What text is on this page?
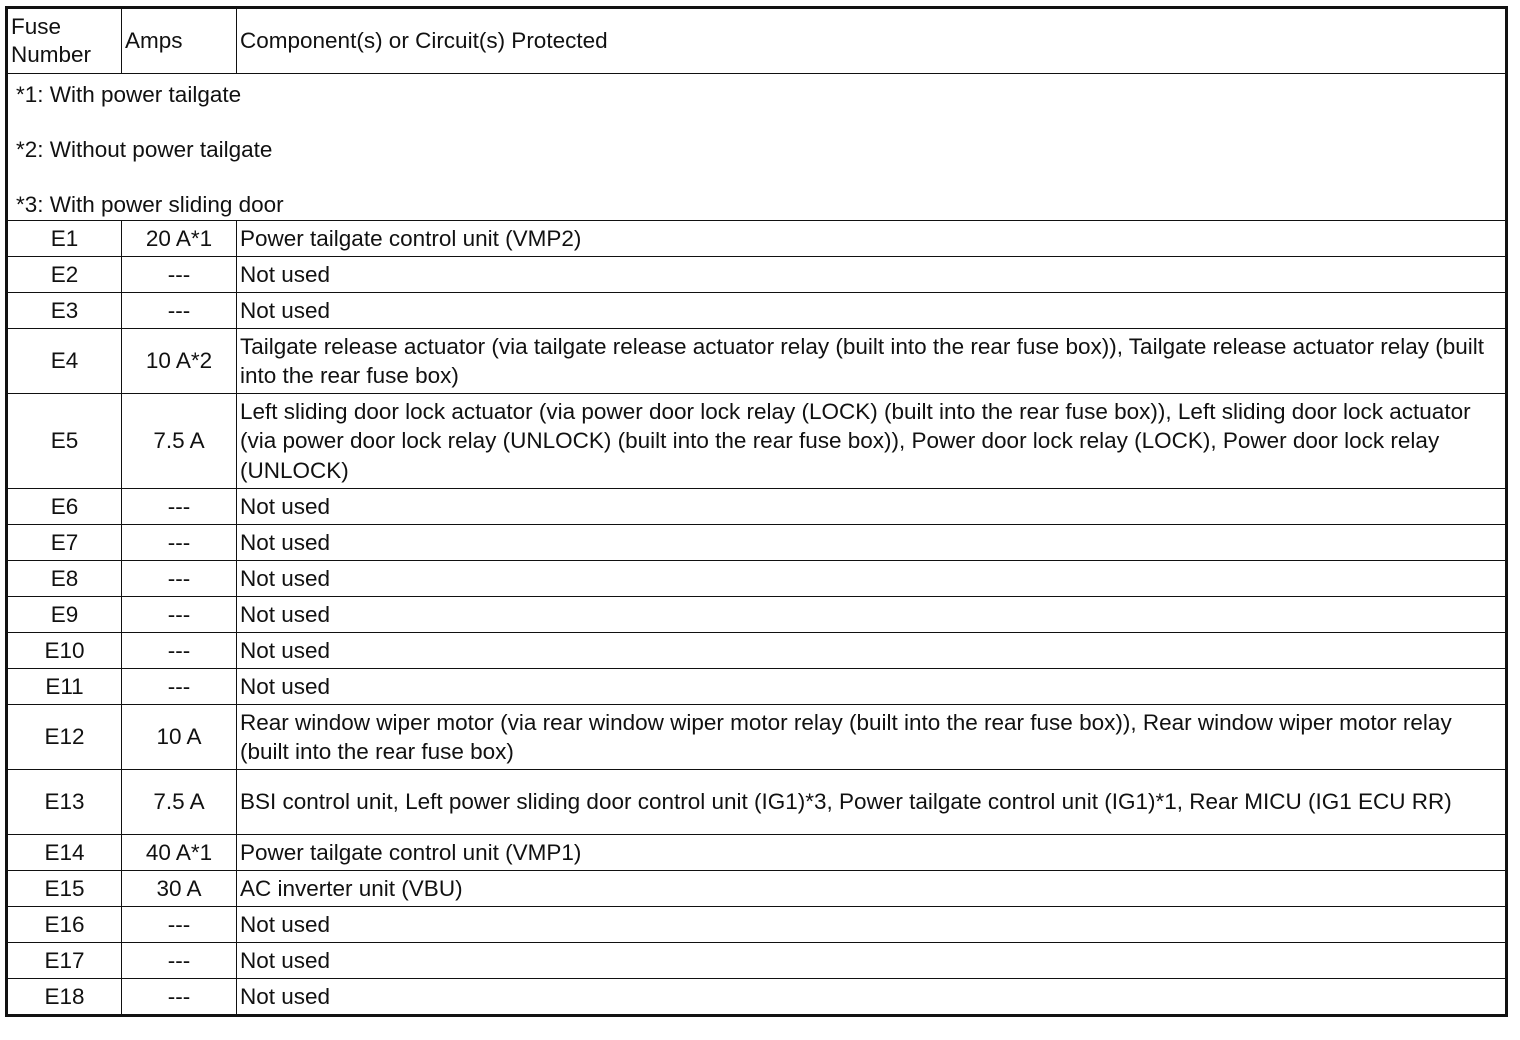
Fuse
Number	Amps	Component(s) or Circuit(s) Protected

*1: With power tailgate
*2: Without power tailgate
*3: With power sliding door		

E1	20 A*1	Power tailgate control unit (VMP2)
E2	---	Not used
E3	---	Not used
E4	10 A*2	Tailgate release actuator (via tailgate release actuator relay (built into the rear fuse box)), Tailgate release actuator relay (built into the rear fuse box)
E5	7.5 A	Left sliding door lock actuator (via power door lock relay (LOCK) (built into the rear fuse box)), Left sliding door lock actuator (via power door lock relay (UNLOCK) (built into the rear fuse box)), Power door lock relay (LOCK), Power door lock relay (UNLOCK)
E6	---	Not used
E7	---	Not used
E8	---	Not used
E9	---	Not used
E10	---	Not used
E11	---	Not used
E12	10 A	Rear window wiper motor (via rear window wiper motor relay (built into the rear fuse box)), Rear window wiper motor relay (built into the rear fuse box)
E13	7.5 A	BSI control unit, Left power sliding door control unit (IG1)*3, Power tailgate control unit (IG1)*1, Rear MICU (IG1 ECU RR)
E14	40 A*1	Power tailgate control unit (VMP1)
E15	30 A	AC inverter unit (VBU)
E16	---	Not used
E17	---	Not used
E18	---	Not used
